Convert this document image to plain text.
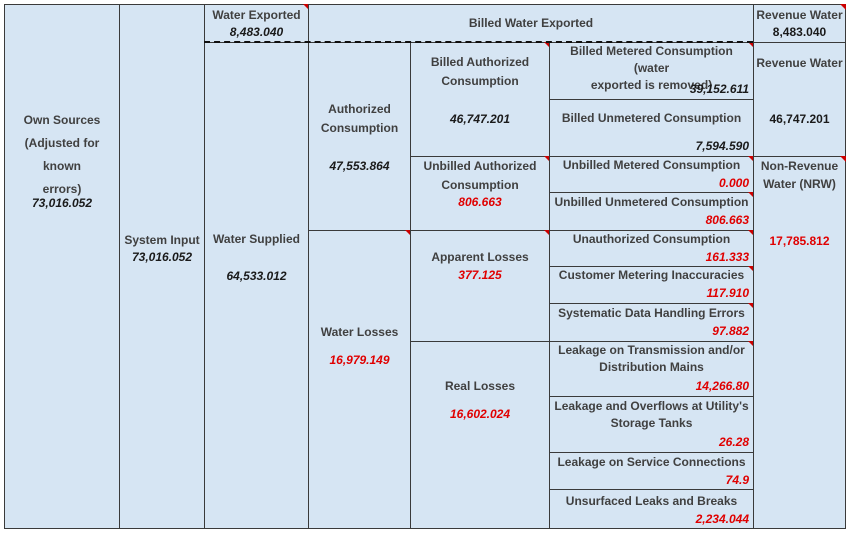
Own Sources
(Adjusted for known
errors)
73,016.052
System Input
73,016.052
Water Exported
8,483.040
Water Supplied
64,533.012
Billed Water Exported
Revenue Water
8,483.040
Authorized
Consumption
47,553.864
Water Losses
16,979.149
Billed Authorized
Consumption
46,747.201
Unbilled Authorized
Consumption
806.663
Apparent Losses
377.125
Real Losses
16,602.024
Billed Metered Consumption (water
exported is removed)
39,152.611
Billed Unmetered Consumption
7,594.590
Unbilled Metered Consumption
0.000
Unbilled Unmetered Consumption
806.663
Unauthorized Consumption
161.333
Customer Metering Inaccuracies
117.910
Systematic Data Handling Errors
97.882
Leakage on Transmission and/or
Distribution Mains
14,266.80
Leakage and Overflows at Utility's
Storage Tanks
26.28
Leakage on Service Connections
74.9
Unsurfaced Leaks and Breaks
2,234.044
Revenue Water
46,747.201
Non-Revenue
Water (NRW)
17,785.812
